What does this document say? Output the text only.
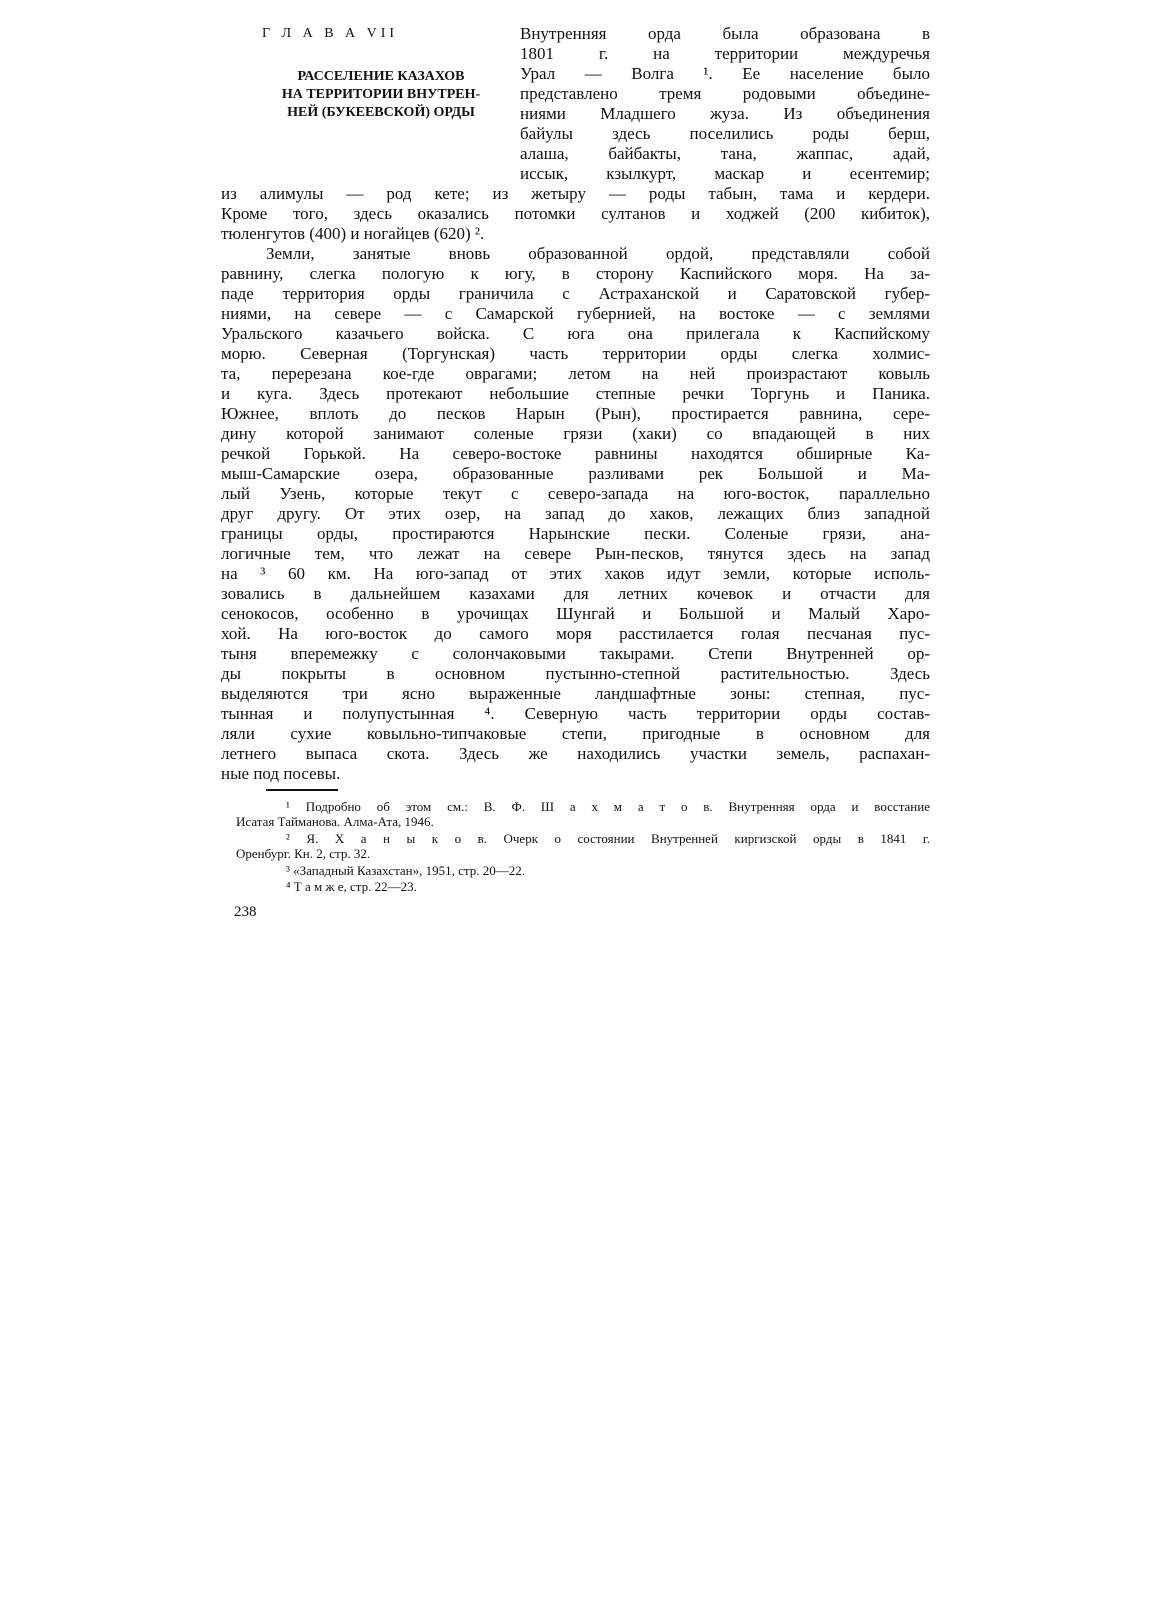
Г Л А В А VII
РАССЕЛЕНИЕ КАЗАХОВ
НА ТЕРРИТОРИИ ВНУТРЕН-
НЕЙ (БУКЕЕВСКОЙ) ОРДЫ
Внутренняя орда была образована в
1801 г. на территории междуречья
Урал — Волга ¹. Ее население было
представлено тремя родовыми объедине-
ниями Младшего жуза. Из объединения
байулы здесь поселились роды берш,
алаша, байбакты, тана, жаппас, адай,
иссык, кзылкурт, маскар и есентемир;
из алимулы — род кете; из жетыру — роды табын, тама и кердери.
Кроме того, здесь оказались потомки султанов и ходжей (200 кибиток),
тюленгутов (400) и ногайцев (620) ².
Земли, занятые вновь образованной ордой, представляли собой
равнину, слегка пологую к югу, в сторону Каспийского моря. На за-
паде территория орды граничила с Астраханской и Саратовской губер-
ниями, на севере — с Самарской губернией, на востоке — с землями
Уральского казачьего войска. С юга она прилегала к Каспийскому
морю. Северная (Торгунская) часть территории орды слегка холмис-
та, перерезана кое-где оврагами; летом на ней произрастают ковыль
и куга. Здесь протекают небольшие степные речки Торгунь и Паника.
Южнее, вплоть до песков Нарын (Рын), простирается равнина, сере-
дину которой занимают соленые грязи (хаки) со впадающей в них
речкой Горькой. На северо-востоке равнины находятся обширные Ка-
мыш-Самарские озера, образованные разливами рек Большой и Ма-
лый Узень, которые текут с северо-запада на юго-восток, параллельно
друг другу. От этих озер, на запад до хаков, лежащих близ западной
границы орды, простираются Нарынские пески. Соленые грязи, ана-
логичные тем, что лежат на севере Рын-песков, тянутся здесь на запад
на ³ 60 км. На юго-запад от этих хаков идут земли, которые исполь-
зовались в дальнейшем казахами для летних кочевок и отчасти для
сенокосов, особенно в урочищах Шунгай и Большой и Малый Харо-
хой. На юго-восток до самого моря расстилается голая песчаная пус-
тыня вперемежку с солончаковыми такырами. Степи Внутренней ор-
ды покрыты в основном пустынно-степной растительностью. Здесь
выделяются три ясно выраженные ландшафтные зоны: степная, пус-
тынная и полупустынная ⁴. Северную часть территории орды состав-
ляли сухие ковыльно-типчаковые степи, пригодные в основном для
летнего выпаса скота. Здесь же находились участки земель, распахан-
ные под посевы.
¹ Подробно об этом см.: В. Ф. Ш а х м а т о в. Внутренняя орда и восстание
Исатая Тайманова. Алма-Ата, 1946.
² Я. Х а н ы к о в. Очерк о состоянии Внутренней киргизской орды в 1841 г.
Оренбург. Кн. 2, стр. 32.
³ «Западный Казахстан», 1951, стр. 20—22.
⁴ Т а м ж е, стр. 22—23.
238
